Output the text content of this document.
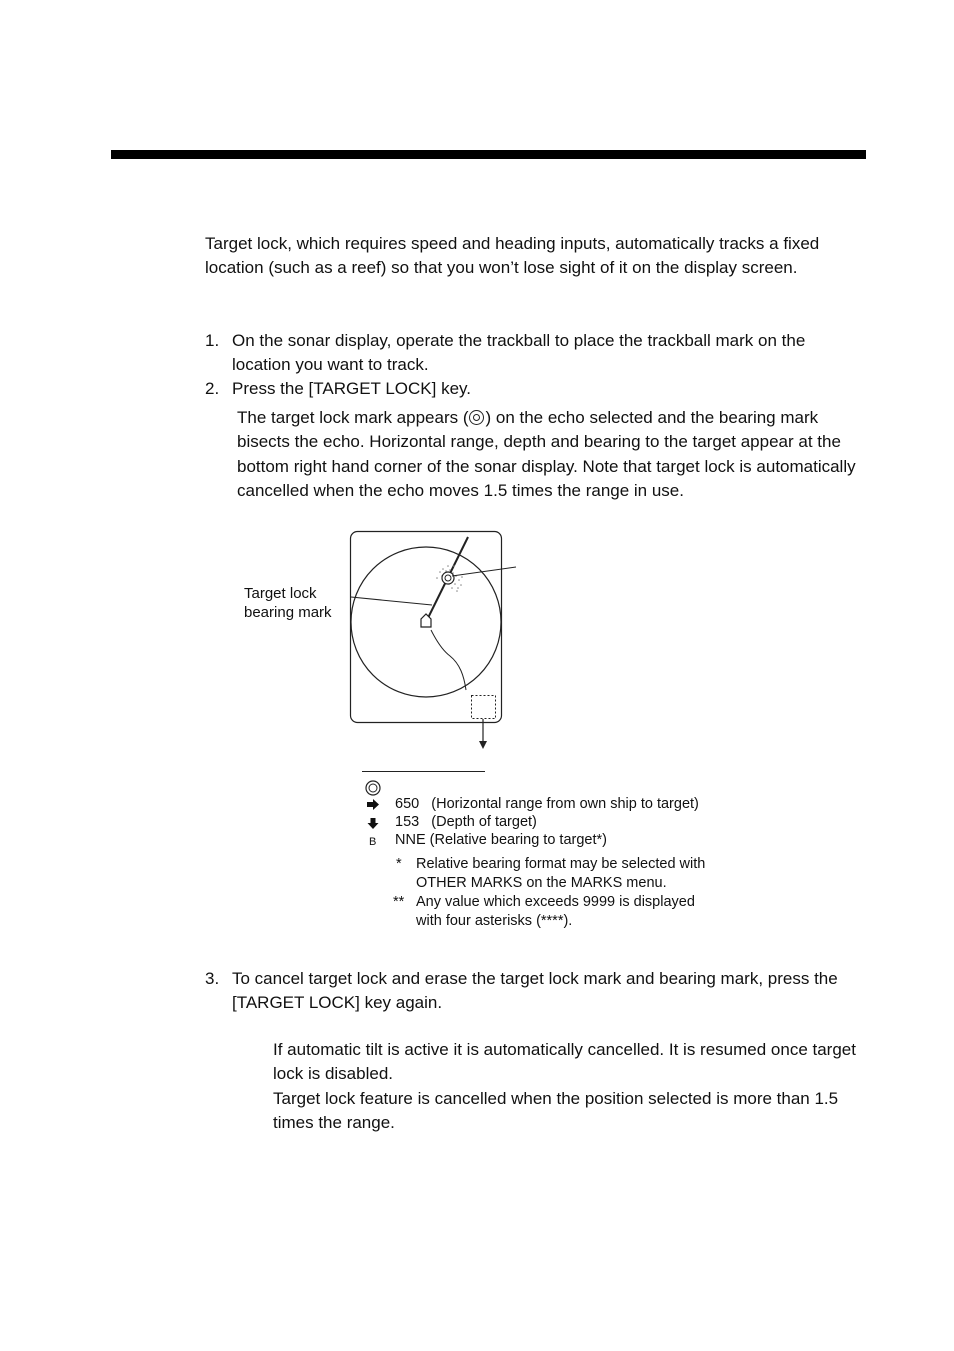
Target lock, which requires speed and heading inputs, automatically tracks a fixed location (such as a reef) so that you won’t lose sight of it on the display screen.

1. On the sonar display, operate the trackball to place the trackball mark on the location you want to track.
2. Press the [TARGET LOCK] key.

The target lock mark appears ( ) on the echo selected and the bearing mark bisects the echo. Horizontal range, depth and bearing to the target appear at the bottom right hand corner of the sonar display. Note that target lock is automatically cancelled when the echo moves 1.5 times the range in use.

Target lock
bearing mark
650 (Horizontal range from own ship to target)
153 (Depth of target)
B NNE (Relative bearing to target*)
* Relative bearing format may be selected with
OTHER MARKS on the MARKS menu.
** Any value which exceeds 9999 is displayed
with four asterisks (****).
3. To cancel target lock and erase the target lock mark and bearing mark, press the [TARGET LOCK] key again.

If automatic tilt is active it is automatically cancelled. It is resumed once target lock is disabled.

Target lock feature is cancelled when the position selected is more than 1.5 times the range.
